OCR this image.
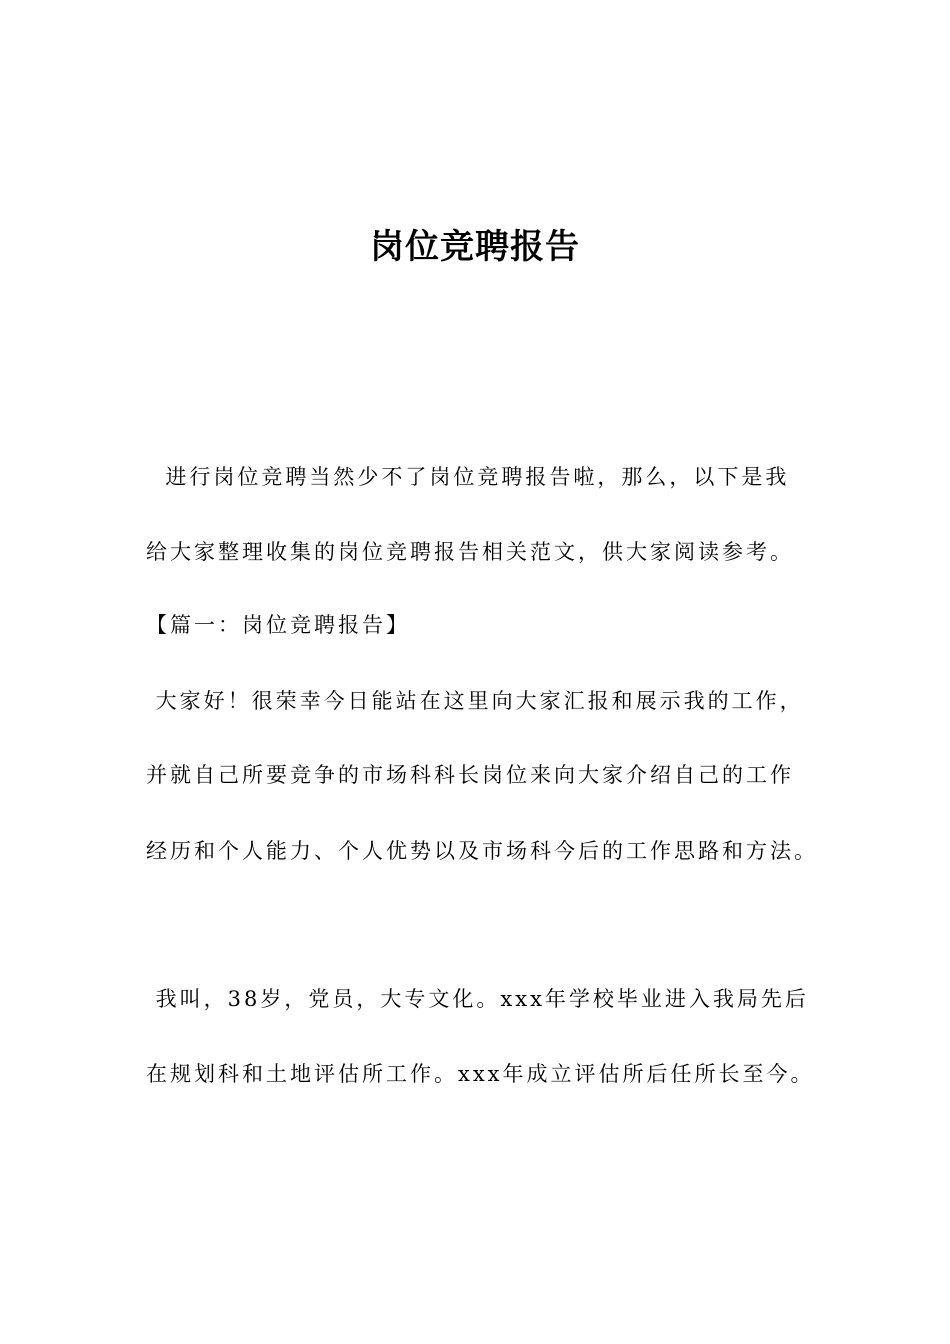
岗位竞聘报告

进行岗位竞聘当然少不了岗位竞聘报告啦，那么，以下是我

给大家整理收集的岗位竞聘报告相关范文，供大家阅读参考。

【篇一：岗位竞聘报告】

大家好！很荣幸今日能站在这里向大家汇报和展示我的工作，

并就自己所要竞争的市场科科长岗位来向大家介绍自己的工作

经历和个人能力、个人优势以及市场科今后的工作思路和方法。

我叫，38岁，党员，大专文化。xxx年学校毕业进入我局先后

在规划科和土地评估所工作。xxx年成立评估所后任所长至今。
